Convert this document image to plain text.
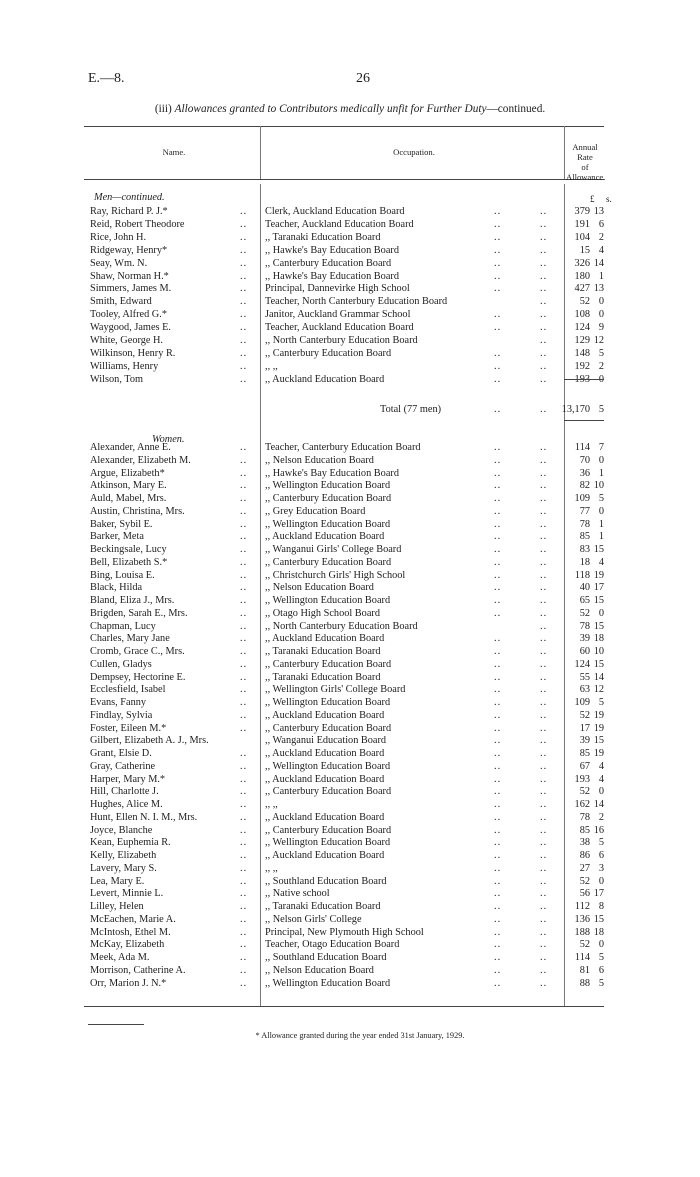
E.—8.	26
(iii) Allowances granted to Contributors medically unfit for Further Duty—continued.
Name.	Occupation.	Annual Rate
of Allowance.
Men—continued.	£ s.
Ray, Richard P. J.*	.. Clerk, Auckland Education Board	..	..	379 13
Reid, Robert Theodore	.. Teacher, Auckland Education Board	..	..	191 6
Rice, John H.	.. ,, Taranaki Education Board	..	..	104 2
Ridgeway, Henry*	.. ,, Hawke's Bay Education Board	..	..	15 4
Seay, Wm. N.	.. ,, Canterbury Education Board	..	..	326 14
Shaw, Norman H.*	.. ,, Hawke's Bay Education Board	..	..	180 1
Simmers, James M.	.. Principal, Dannevirke High School	..	..	427 13
Smith, Edward	.. Teacher, North Canterbury Education Board	..	52 0
Tooley, Alfred G.*	.. Janitor, Auckland Grammar School	..	..	108 0
Waygood, James E.	.. Teacher, Auckland Education Board	..	..	124 9
White, George H.	.. ,, North Canterbury Education Board	..	129 12
Wilkinson, Henry R.	.. ,, Canterbury Education Board	..	..	148 5
Williams, Henry	.. ,, ,,	..	..	192 2
Wilson, Tom	.. ,, Auckland Education Board	..	..	193 0
Total (77 men)	..	.. 13,170 5
Women.
Alexander, Anne E.	.. Teacher, Canterbury Education Board	..	..	114 7
Alexander, Elizabeth M.	.. ,, Nelson Education Board	..	..	70 0
Argue, Elizabeth*	.. ,, Hawke's Bay Education Board	..	..	36 1
Atkinson, Mary E.	.. ,, Wellington Education Board	..	..	82 10
Auld, Mabel, Mrs.	.. ,, Canterbury Education Board	..	..	109 5
Austin, Christina, Mrs.	.. ,, Grey Education Board	..	..	77 0
Baker, Sybil E.	.. ,, Wellington Education Board	..	..	78 1
Barker, Meta	.. ,, Auckland Education Board	..	..	85 1
Beckingsale, Lucy	.. ,, Wanganui Girls' College Board	..	..	83 15
Bell, Elizabeth S.*	.. ,, Canterbury Education Board	..	..	18 4
Bing, Louisa E.	.. ,, Christchurch Girls' High School	..	..	118 19
Black, Hilda	.. ,, Nelson Education Board	..	..	40 17
Bland, Eliza J., Mrs.	.. ,, Wellington Education Board	..	..	65 15
Brigden, Sarah E., Mrs.	.. ,, Otago High School Board	..	..	52 0
Chapman, Lucy	.. ,, North Canterbury Education Board	..	78 15
Charles, Mary Jane	.. ,, Auckland Education Board	..	..	39 18
Cromb, Grace C., Mrs.	.. ,, Taranaki Education Board	..	..	60 10
Cullen, Gladys	.. ,, Canterbury Education Board	..	..	124 15
Dempsey, Hectorine E.	.. ,, Taranaki Education Board	..	..	55 14
Ecclesfield, Isabel	.. ,, Wellington Girls' College Board	..	..	63 12
Evans, Fanny	.. ,, Wellington Education Board	..	..	109 5
Findlay, Sylvia	.. ,, Auckland Education Board	..	..	52 19
Foster, Eileen M.*	.. ,, Canterbury Education Board	..	..	17 19
Gilbert, Elizabeth A. J., Mrs.	,, Wanganui Education Board	..	..	39 15
Grant, Elsie D.	.. ,, Auckland Education Board	..	..	85 19
Gray, Catherine	.. ,, Wellington Education Board	..	..	67 4
Harper, Mary M.*	.. ,, Auckland Education Board	..	..	193 4
Hill, Charlotte J.	.. ,, Canterbury Education Board	..	..	52 0
Hughes, Alice M.	.. ,, ,,	..	..	162 14
Hunt, Ellen N. I. M., Mrs.	.. ,, Auckland Education Board	..	..	78 2
Joyce, Blanche	.. ,, Canterbury Education Board	..	..	85 16
Kean, Euphemia R.	.. ,, Wellington Education Board	..	..	38 5
Kelly, Elizabeth	.. ,, Auckland Education Board	..	..	86 6
Lavery, Mary S.	.. ,, ,,	..	..	27 3
Lea, Mary E.	.. ,, Southland Education Board	..	..	52 0
Levert, Minnie L.	.. ,, Native school	..	..	56 17
Lilley, Helen	.. ,, Taranaki Education Board	..	..	112 8
McEachen, Marie A.	.. ,, Nelson Girls' College	..	..	136 15
McIntosh, Ethel M.	.. Principal, New Plymouth High School	..	..	188 18
McKay, Elizabeth	.. Teacher, Otago Education Board	..	..	52 0
Meek, Ada M.	.. ,, Southland Education Board	..	..	114 5
Morrison, Catherine A.	.. ,, Nelson Education Board	..	..	81 6
Orr, Marion J. N.*	.. ,, Wellington Education Board	..	..	88 5
* Allowance granted during the year ended 31st January, 1929.
